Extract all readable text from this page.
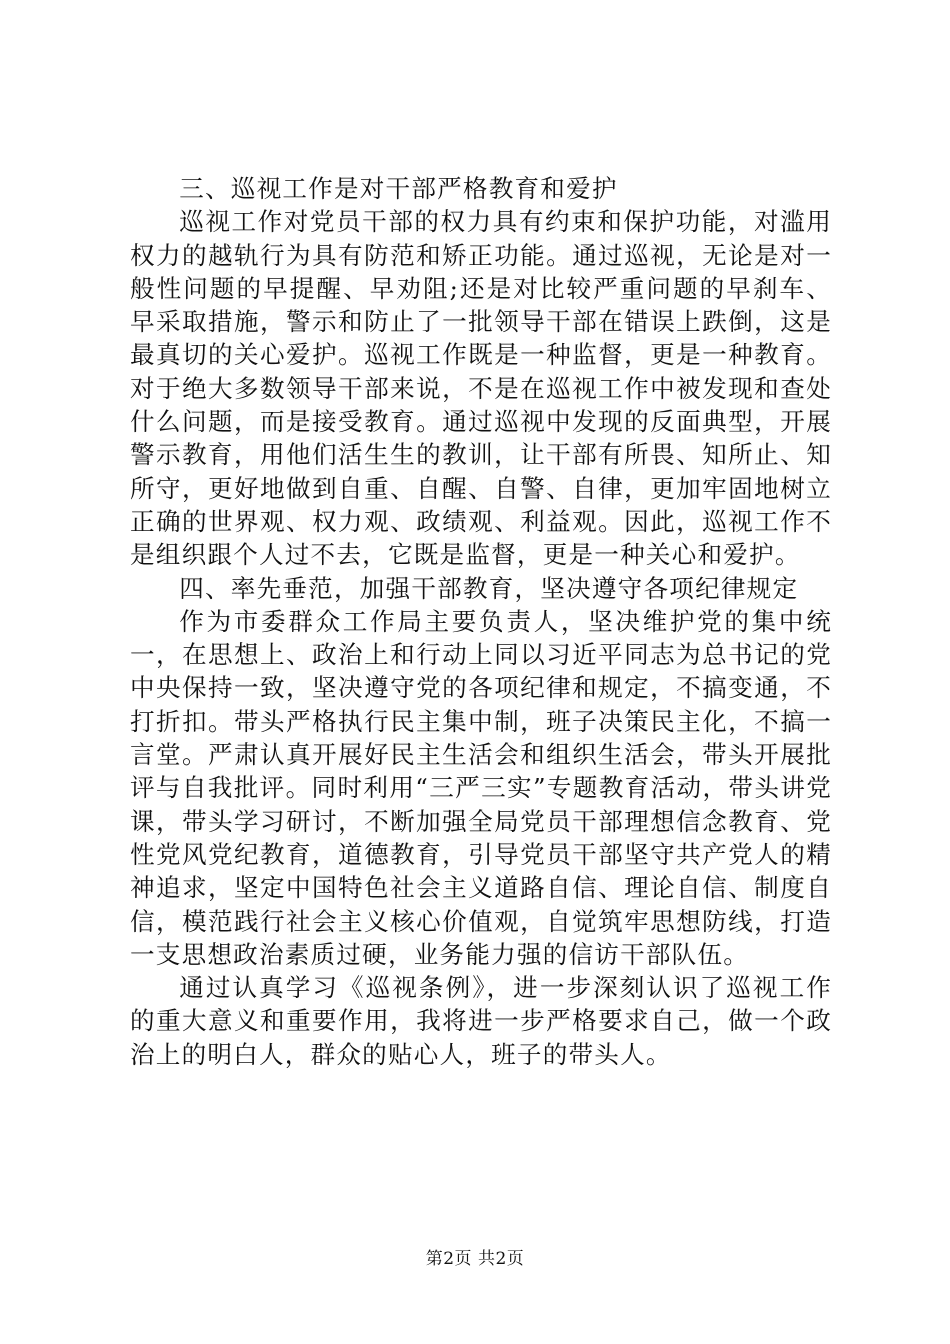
三、巡视工作是对干部严格教育和爱护

巡视工作对党员干部的权力具有约束和保护功能，对滥用权力的越轨行为具有防范和矫正功能。通过巡视，无论是对一般性问题的早提醒、早劝阻;还是对比较严重问题的早刹车、早采取措施，警示和防止了一批领导干部在错误上跌倒，这是最真切的关心爱护。巡视工作既是一种监督，更是一种教育。对于绝大多数领导干部来说，不是在巡视工作中被发现和查处什么问题，而是接受教育。通过巡视中发现的反面典型，开展警示教育，用他们活生生的教训，让干部有所畏、知所止、知所守，更好地做到自重、自醒、自警、自律，更加牢固地树立正确的世界观、权力观、政绩观、利益观。因此，巡视工作不是组织跟个人过不去，它既是监督，更是一种关心和爱护。

四、率先垂范，加强干部教育，坚决遵守各项纪律规定

作为市委群众工作局主要负责人，坚决维护党的集中统一，在思想上、政治上和行动上同以习近平同志为总书记的党中央保持一致，坚决遵守党的各项纪律和规定，不搞变通，不打折扣。带头严格执行民主集中制，班子决策民主化，不搞一言堂。严肃认真开展好民主生活会和组织生活会，带头开展批评与自我批评。同时利用“三严三实”专题教育活动，带头讲党课，带头学习研讨，不断加强全局党员干部理想信念教育、党性党风党纪教育，道德教育，引导党员干部坚守共产党人的精神追求，坚定中国特色社会主义道路自信、理论自信、制度自信，模范践行社会主义核心价值观，自觉筑牢思想防线，打造一支思想政治素质过硬，业务能力强的信访干部队伍。

通过认真学习《巡视条例》，进一步深刻认识了巡视工作的重大意义和重要作用，我将进一步严格要求自己，做一个政治上的明白人，群众的贴心人，班子的带头人。

第2页 共2页
